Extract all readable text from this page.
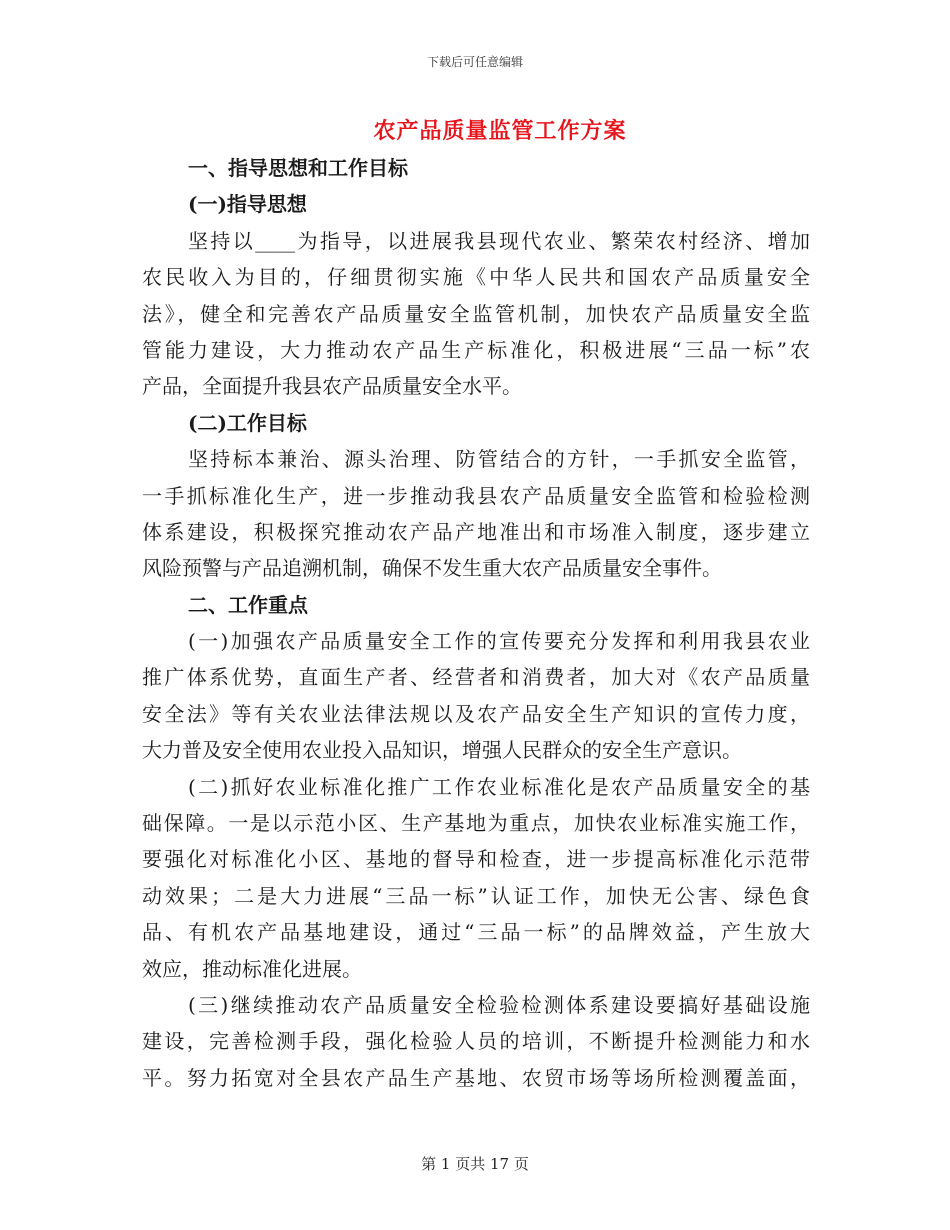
下载后可任意编辑
农产品质量监管工作方案
一、指导思想和工作目标
(一)指导思想
坚持以____为指导，以进展我县现代农业、繁荣农村经济、增加
农民收入为目的，仔细贯彻实施《中华人民共和国农产品质量安全
法》，健全和完善农产品质量安全监管机制，加快农产品质量安全监
管能力建设，大力推动农产品生产标准化，积极进展“三品一标”农
产品，全面提升我县农产品质量安全水平。
(二)工作目标
坚持标本兼治、源头治理、防管结合的方针，一手抓安全监管，
一手抓标准化生产，进一步推动我县农产品质量安全监管和检验检测
体系建设，积极探究推动农产品产地准出和市场准入制度，逐步建立
风险预警与产品追溯机制，确保不发生重大农产品质量安全事件。
二、工作重点
(一)加强农产品质量安全工作的宣传要充分发挥和利用我县农业
推广体系优势，直面生产者、经营者和消费者，加大对《农产品质量
安全法》等有关农业法律法规以及农产品安全生产知识的宣传力度，
大力普及安全使用农业投入品知识，增强人民群众的安全生产意识。
(二)抓好农业标准化推广工作农业标准化是农产品质量安全的基
础保障。一是以示范小区、生产基地为重点，加快农业标准实施工作，
要强化对标准化小区、基地的督导和检查，进一步提高标准化示范带
动效果；二是大力进展“三品一标”认证工作，加快无公害、绿色食
品、有机农产品基地建设，通过“三品一标”的品牌效益，产生放大
效应，推动标准化进展。
(三)继续推动农产品质量安全检验检测体系建设要搞好基础设施
建设，完善检测手段，强化检验人员的培训，不断提升检测能力和水
平。努力拓宽对全县农产品生产基地、农贸市场等场所检测覆盖面，
第 1 页共 17 页
